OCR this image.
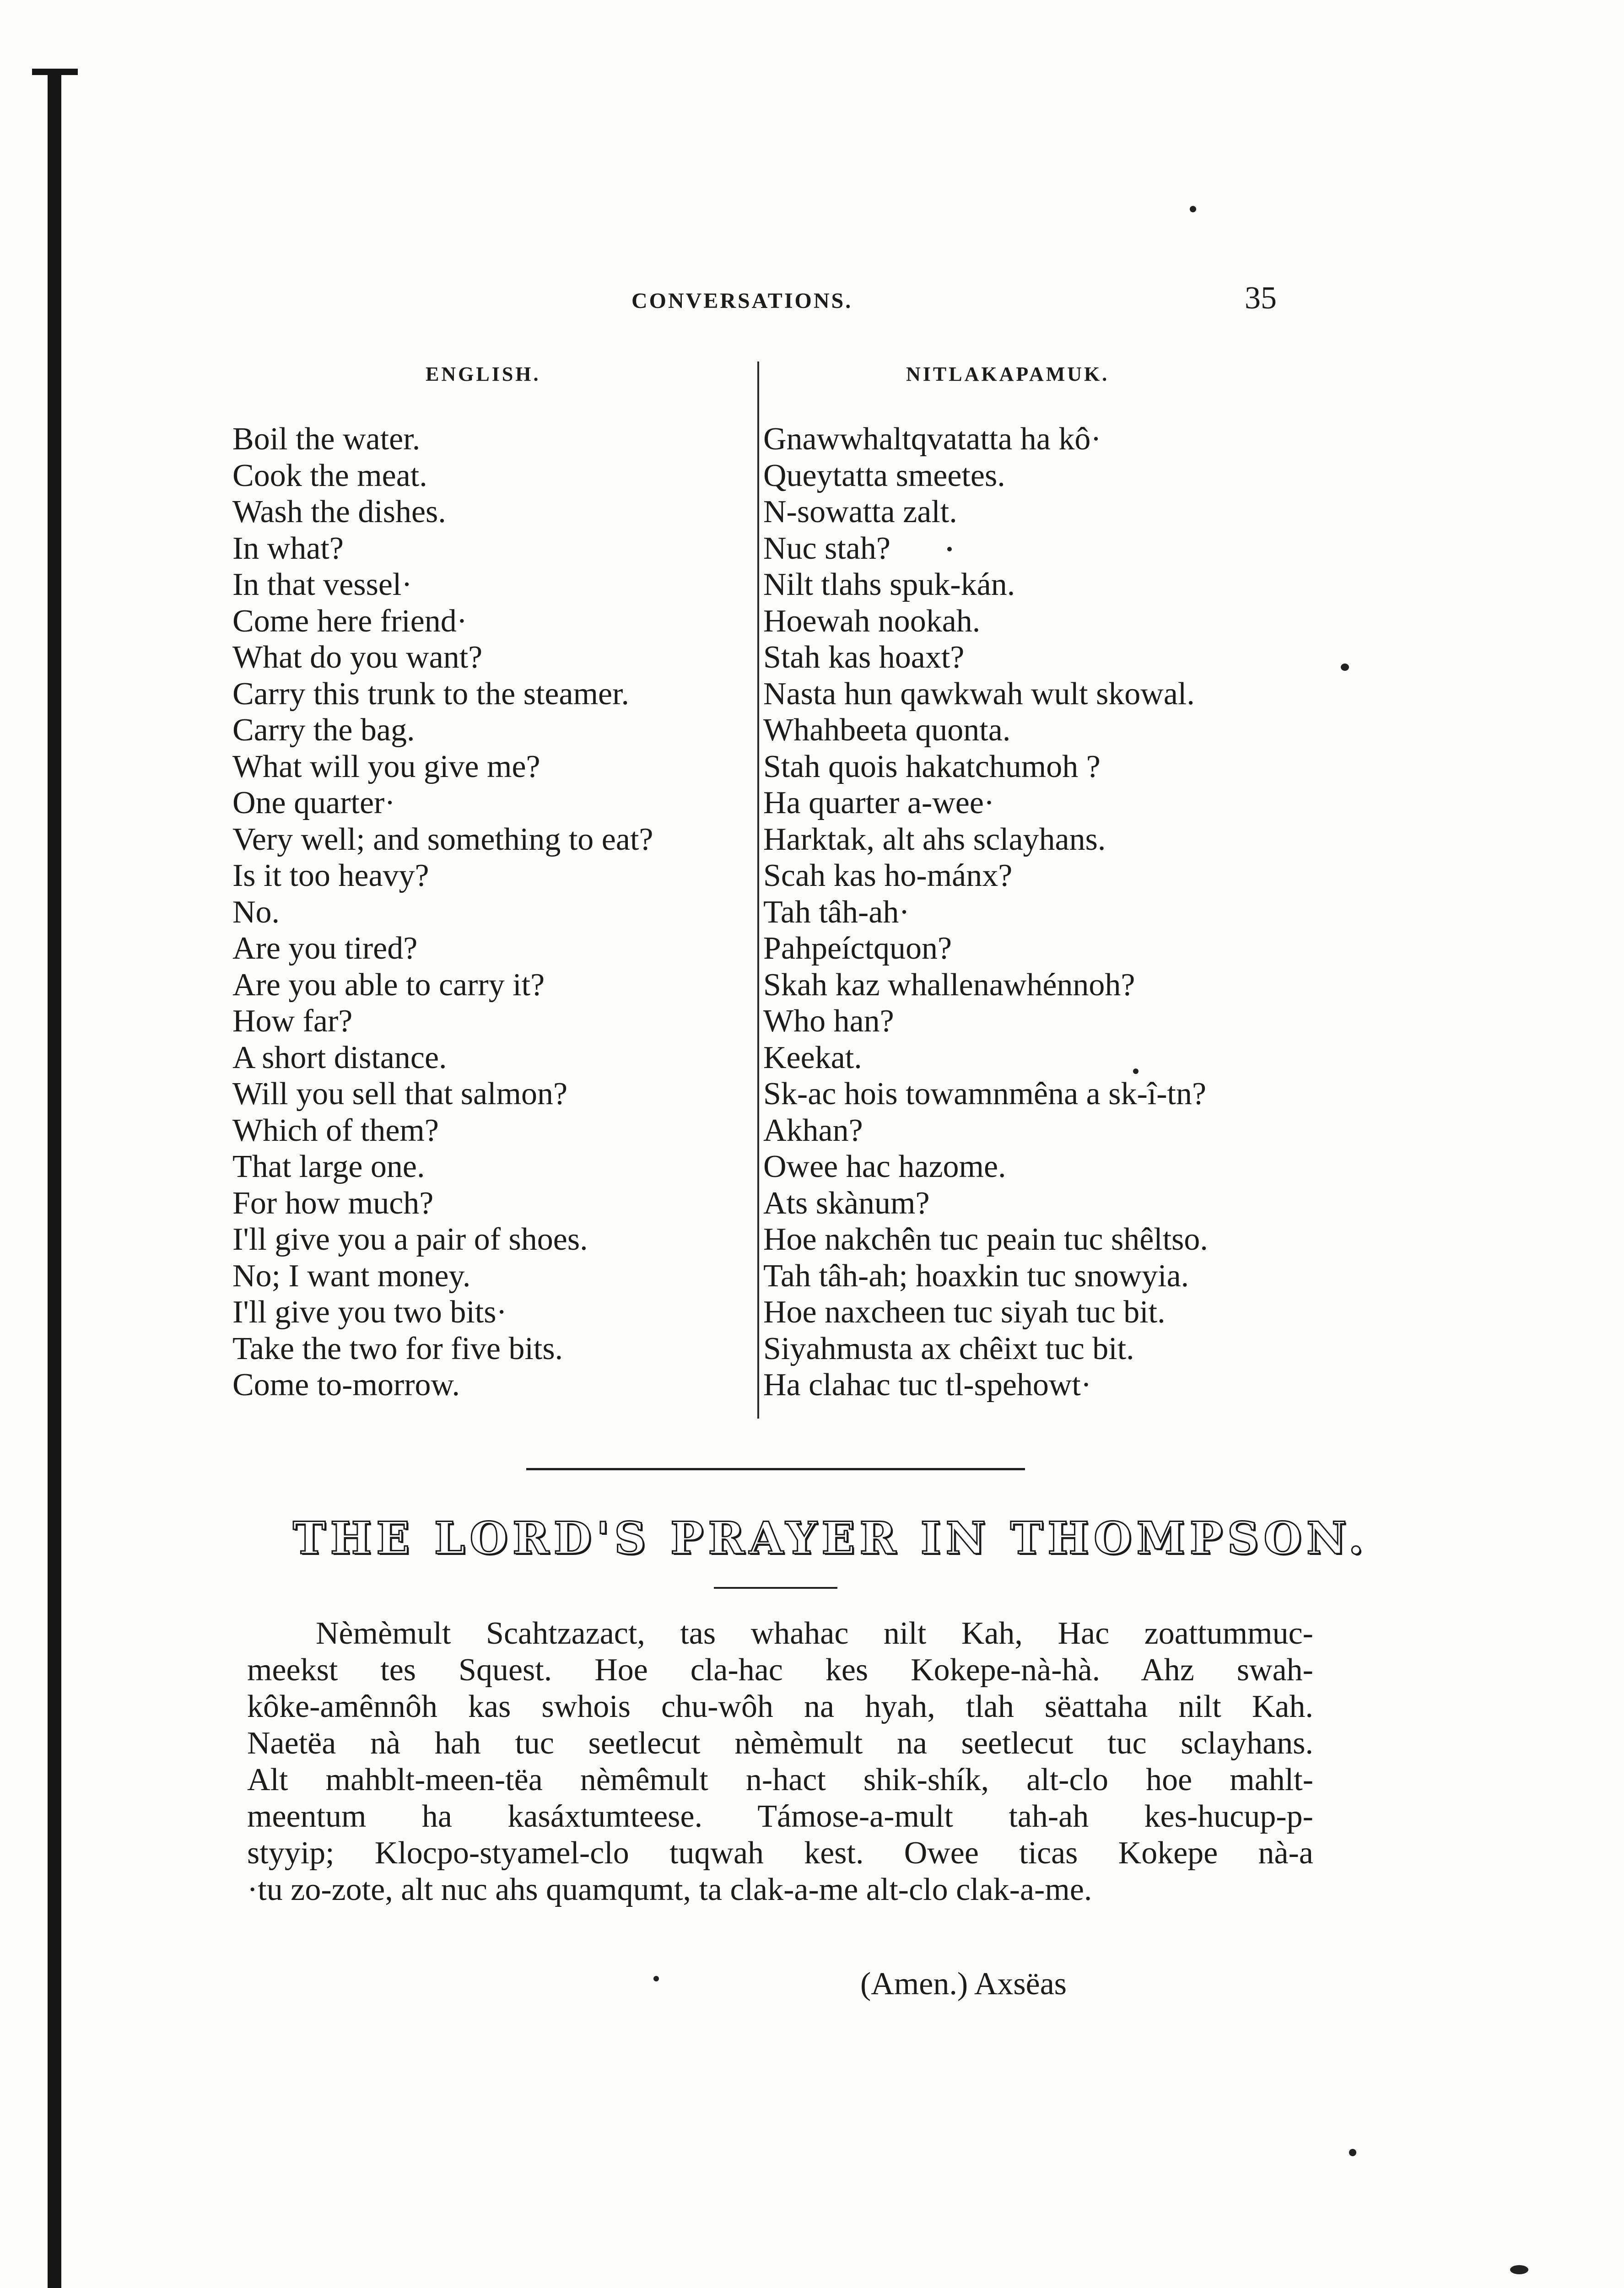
CONVERSATIONS.	35
ENGLISH.	NITLAKAPAMUK.
Boil the water.
Cook the meat.
Wash the dishes.
In what?
In that vessel·
Come here friend·
What do you want?
Carry this trunk to the steamer.
Carry the bag.
What will you give me?
One quarter·
Very well; and something to eat?
Is it too heavy?
No.
Are you tired?
Are you able to carry it?
How far?
A short distance.
Will you sell that salmon?
Which of them?
That large one.
For how much?
I'll give you a pair of shoes.
No; I want money.
I'll give you two bits·
Take the two for five bits.
Come to-morrow.
Gnawwhaltqvatatta ha kô·
Queytatta smeetes.
N-sowatta zalt.
Nuc stah?
Nilt tlahs spuk-kán.
Hoewah nookah.
Stah kas hoaxt?
Nasta hun qawkwah wult skowal.
Whahbeeta quonta.
Stah quois hakatchumoh ?
Ha quarter a-wee·
Harktak, alt ahs sclayhans.
Scah kas ho-mánx?
Tah tâh-ah·
Pahpeíctquon?
Skah kaz whallenawhénnoh?
Who han?
Keekat.
Sk-ac hois towamnmêna a sk-î-tn?
Akhan?
Owee hac hazome.
Ats skànum?
Hoe nakchên tuc peain tuc shêltso.
Tah tâh-ah; hoaxkin tuc snowyia.
Hoe naxcheen tuc siyah tuc bit.
Siyahmusta ax chêixt tuc bit.
Ha clahac tuc tl-spehowt·
THE LORD'S PRAYER IN THOMPSON.
Nèmèmult Scahtzazact, tas whahac nilt Kah, Hac zoattummuc-
meekst tes Squest. Hoe cla-hac kes Kokepe-nà-hà. Ahz swah-
kôke-amênnôh kas swhois chu-wôh na hyah, tlah sëattaha nilt Kah.
Naetëa nà hah tuc seetlecut nèmèmult na seetlecut tuc sclayhans.
Alt mahblt-meen-tëa nèmêmult n-hact shik-shík, alt-clo hoe mahlt-
meentum ha kasáxtumteese. Támose-a-mult tah-ah kes-hucup-p-
styyip; Klocpo-styamel-clo tuqwah kest. Owee ticas Kokepe nà-a
·tu zo-zote, alt nuc ahs quamqumt, ta clak-a-me alt-clo clak-a-me.
(Amen.) Axsëas
